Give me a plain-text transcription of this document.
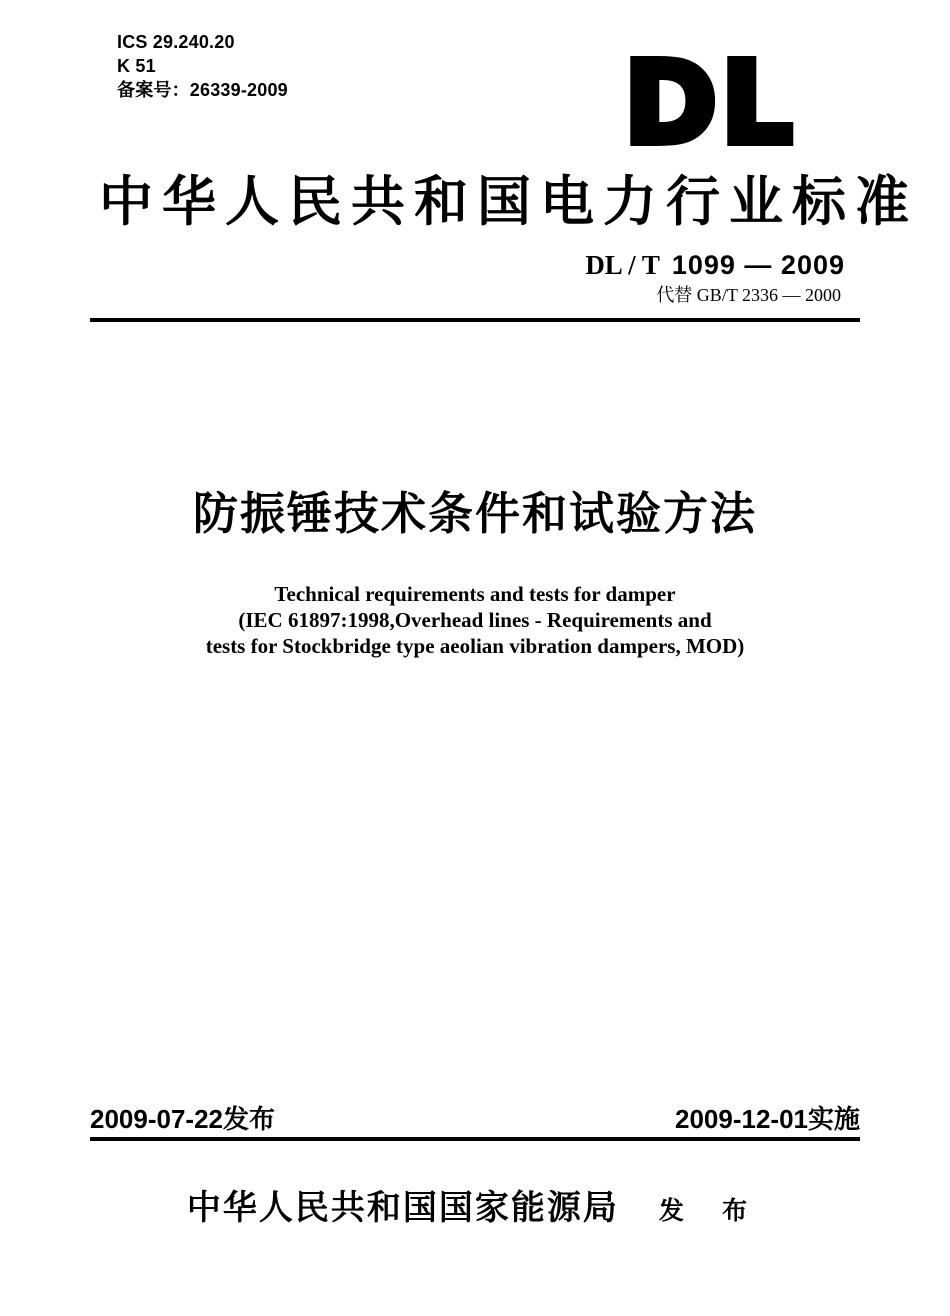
ICS 29.240.20
K 51
备案号：26339-2009	DL
中华人民共和国电力行业标准
DL / T 1099 — 2009
代替 GB/T 2336 — 2000
防振锤技术条件和试验方法
Technical requirements and tests for damper
(IEC 61897:1998,Overhead lines - Requirements and
tests for Stockbridge type aeolian vibration dampers, MOD)
2009-07-22发布	2009-12-01实施
中华人民共和国国家能源局 发 布
